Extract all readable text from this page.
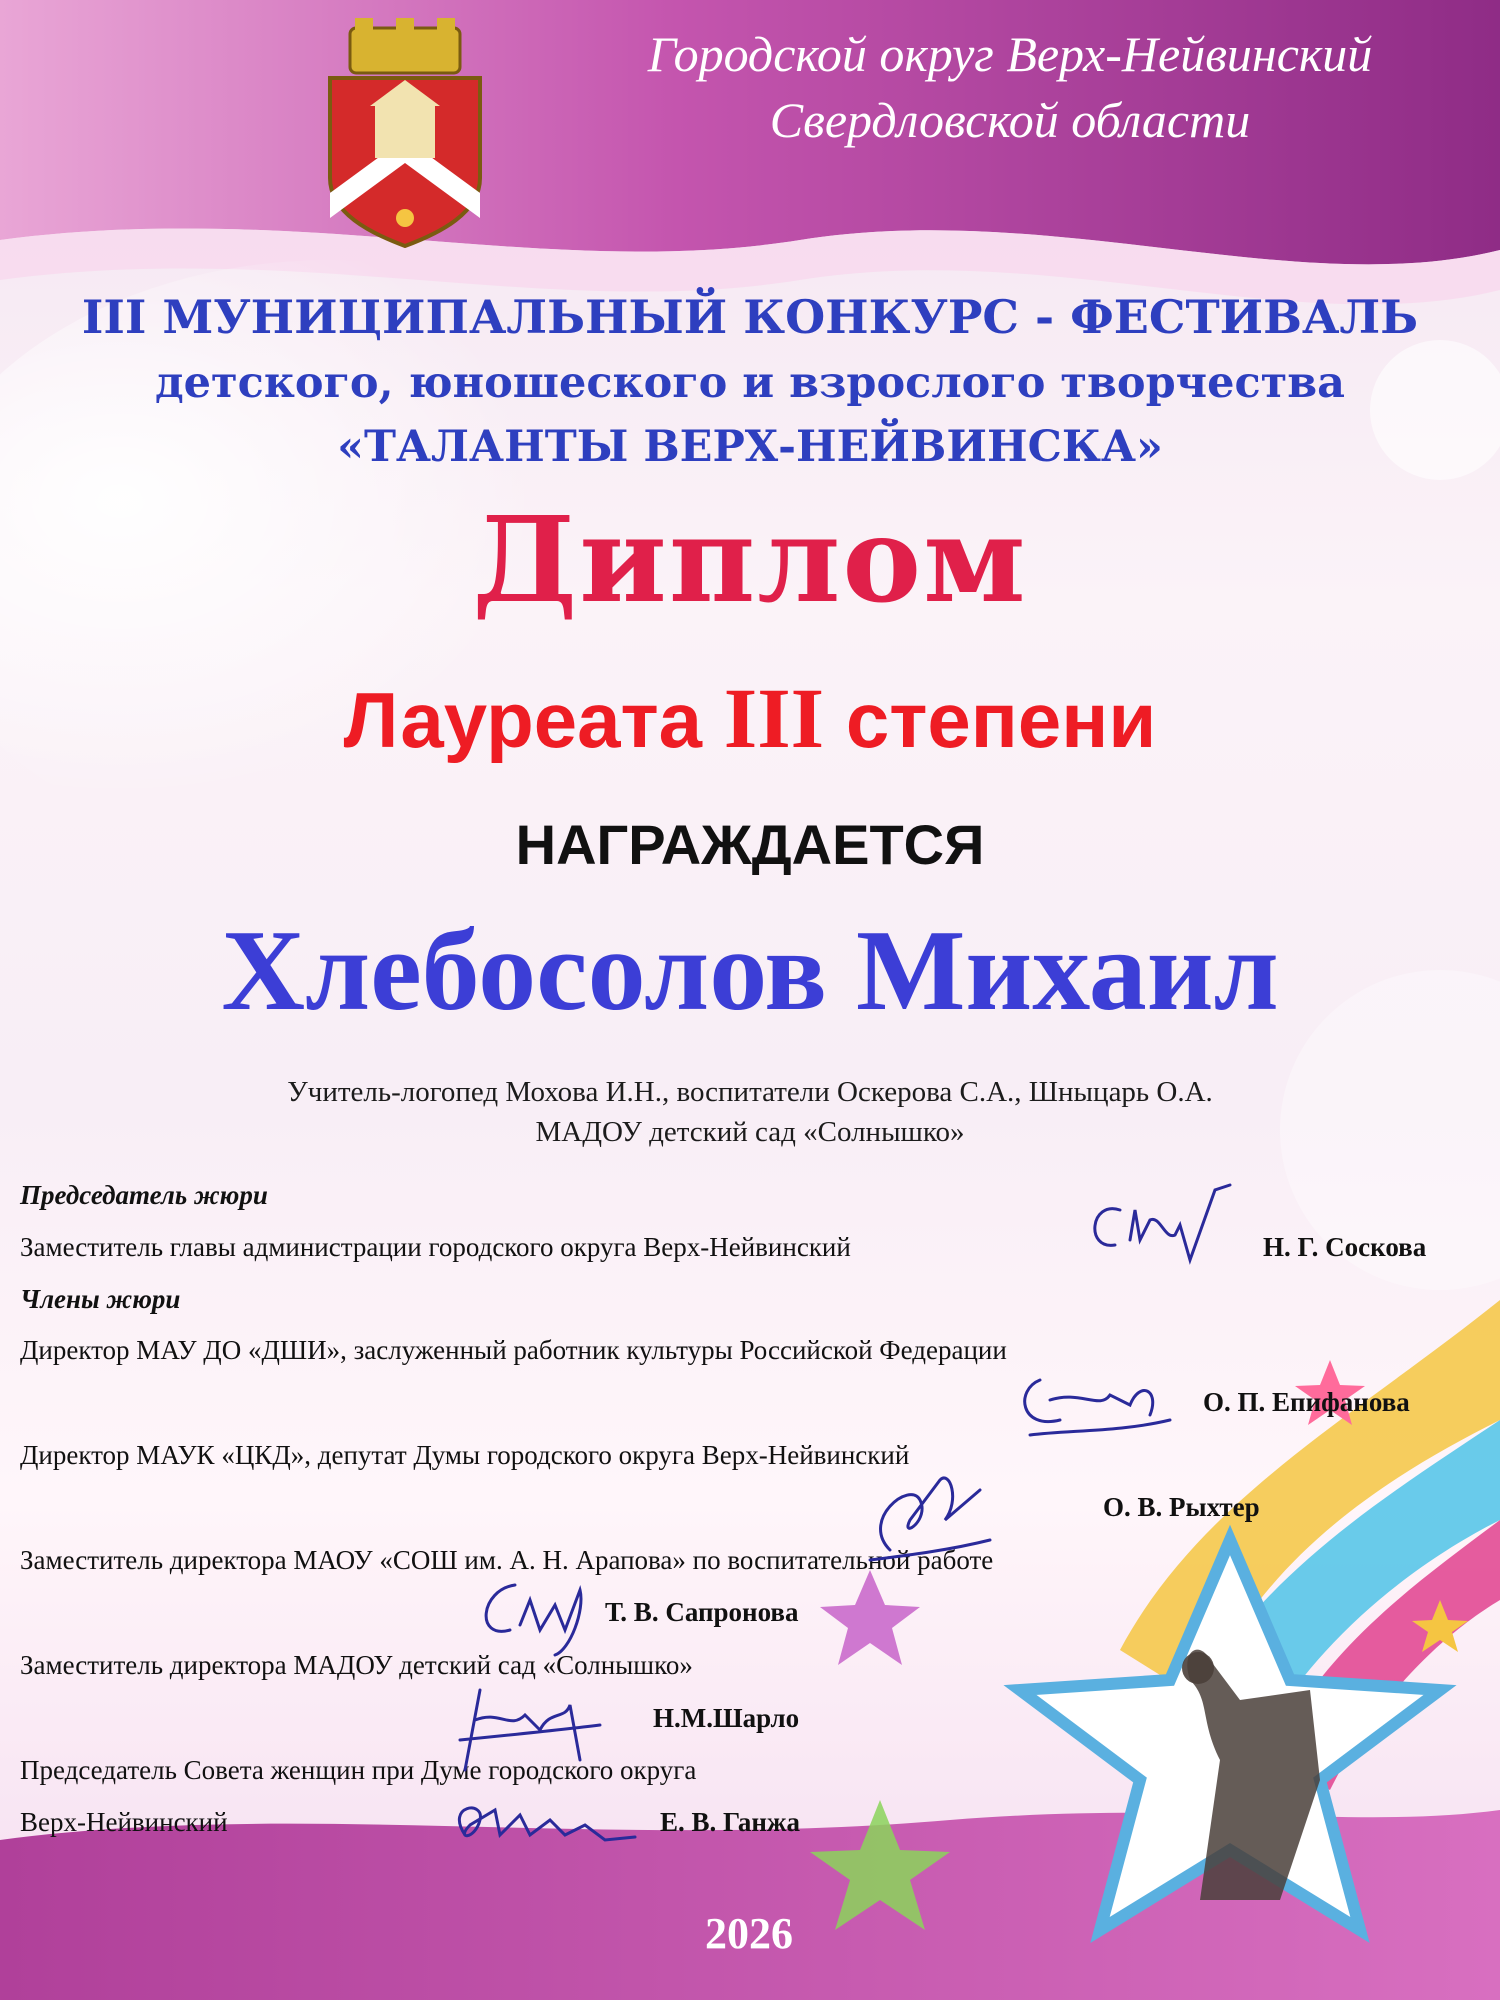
Городской округ Верх-Нейвинский
Свердловской области
III МУНИЦИПАЛЬНЫЙ КОНКУРС - ФЕСТИВАЛЬ
детского, юношеского и взрослого творчества
«ТАЛАНТЫ ВЕРХ-НЕЙВИНСКА»
Диплом
Лауреата III степени
НАГРАЖДАЕТСЯ
Хлебосолов Михаил
Учитель-логопед Мохова И.Н., воспитатели Оскерова С.А., Шныцарь О.А.
МАДОУ детский сад «Солнышко»
Председатель жюри
Заместитель главы администрации городского округа Верх-Нейвинский	Н. Г. Соскова
Члены жюри
Директор МАУ ДО «ДШИ», заслуженный работник культуры Российской Федерации
О. П. Епифанова
Директор МАУК «ЦКД», депутат Думы городского округа Верх-Нейвинский
О. В. Рыхтер
Заместитель директора МАОУ «СОШ им. А. Н. Арапова» по воспитательной работе
Т. В. Сапронова
Заместитель директора МАДОУ детский сад «Солнышко»
Н.М.Шарло
Председатель Совета женщин при Думе городского округа
Верх-Нейвинский	Е. В. Ганжа
2026
